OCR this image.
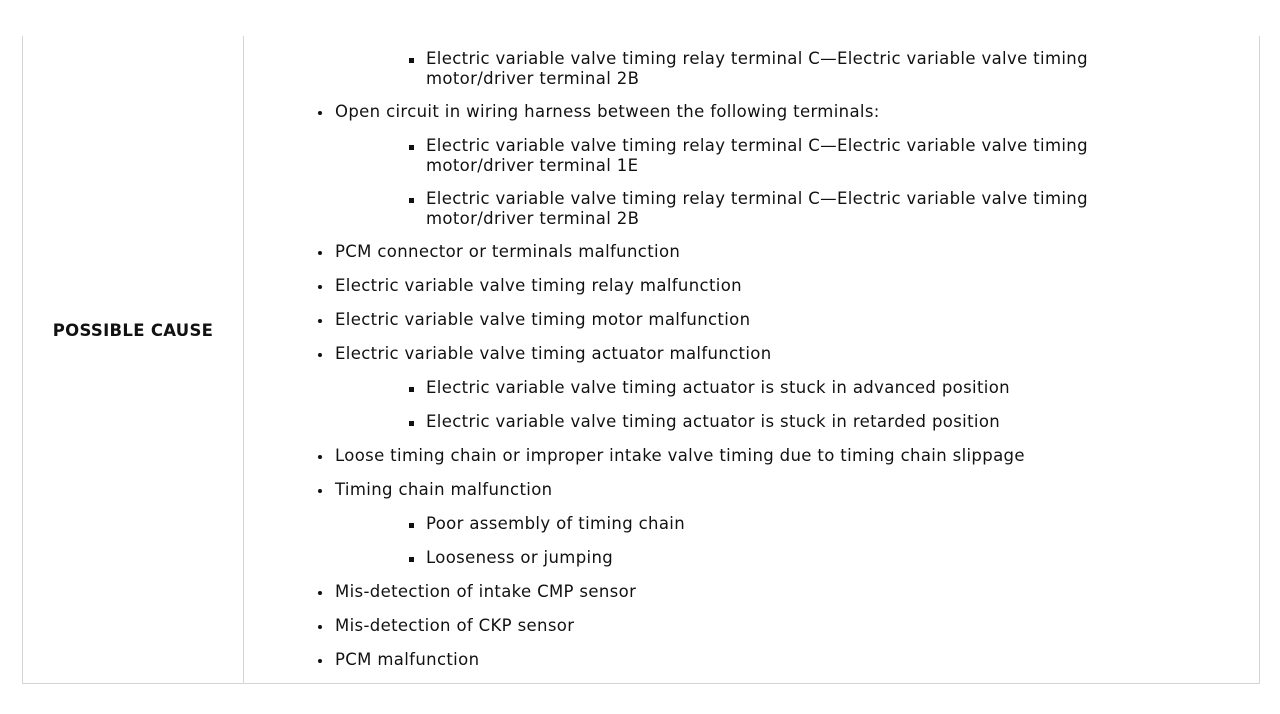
POSSIBLE CAUSE
Electric variable valve timing relay terminal C—Electric variable valve timing motor/driver terminal 2B
Open circuit in wiring harness between the following terminals:
Electric variable valve timing relay terminal C—Electric variable valve timing motor/driver terminal 1E
Electric variable valve timing relay terminal C—Electric variable valve timing motor/driver terminal 2B
PCM connector or terminals malfunction
Electric variable valve timing relay malfunction
Electric variable valve timing motor malfunction
Electric variable valve timing actuator malfunction
Electric variable valve timing actuator is stuck in advanced position
Electric variable valve timing actuator is stuck in retarded position
Loose timing chain or improper intake valve timing due to timing chain slippage
Timing chain malfunction
Poor assembly of timing chain
Looseness or jumping
Mis-detection of intake CMP sensor
Mis-detection of CKP sensor
PCM malfunction
